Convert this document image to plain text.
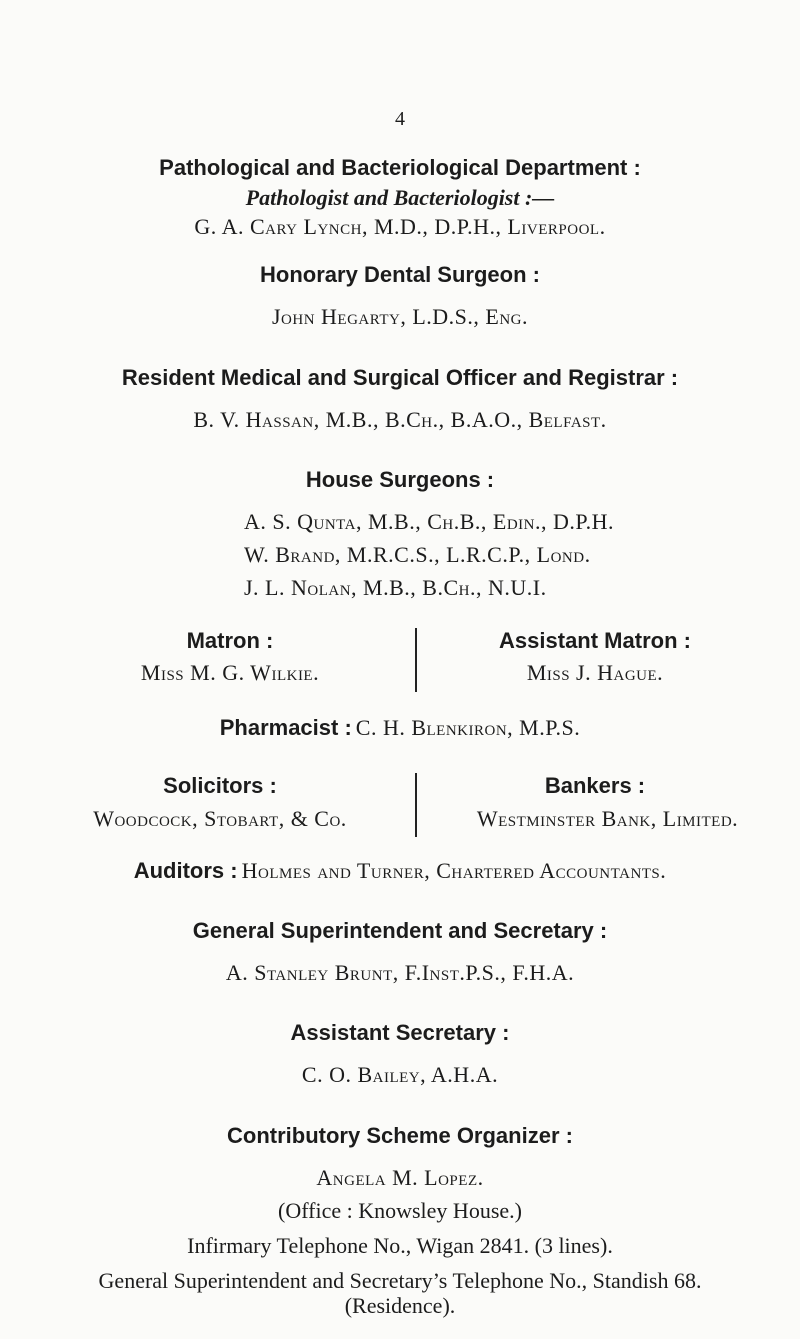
4
Pathological and Bacteriological Department :
Pathologist and Bacteriologist :—
G. A. Cary Lynch, M.D., D.P.H., Liverpool.
Honorary Dental Surgeon :
John Hegarty, L.D.S., Eng.
Resident Medical and Surgical Officer and Registrar :
B. V. Hassan, M.B., B.Ch., B.A.O., Belfast.
House Surgeons :
A. S. Qunta, M.B., Ch.B., Edin., D.P.H.
W. Brand, M.R.C.S., L.R.C.P., Lond.
J. L. Nolan, M.B., B.Ch., N.U.I.
Matron :
Miss M. G. Wilkie.
Assistant Matron :
Miss J. Hague.
Pharmacist : C. H. Blenkiron, M.P.S.
Solicitors :
Woodcock, Stobart, & Co.
Bankers :
Westminster Bank, Limited.
Auditors : Holmes and Turner, Chartered Accountants.
General Superintendent and Secretary :
A. Stanley Brunt, F.Inst.P.S., F.H.A.
Assistant Secretary :
C. O. Bailey, A.H.A.
Contributory Scheme Organizer :
Angela M. Lopez.
(Office : Knowsley House.)
Infirmary Telephone No., Wigan 2841. (3 lines).
General Superintendent and Secretary’s Telephone No., Standish 68.
(Residence).
